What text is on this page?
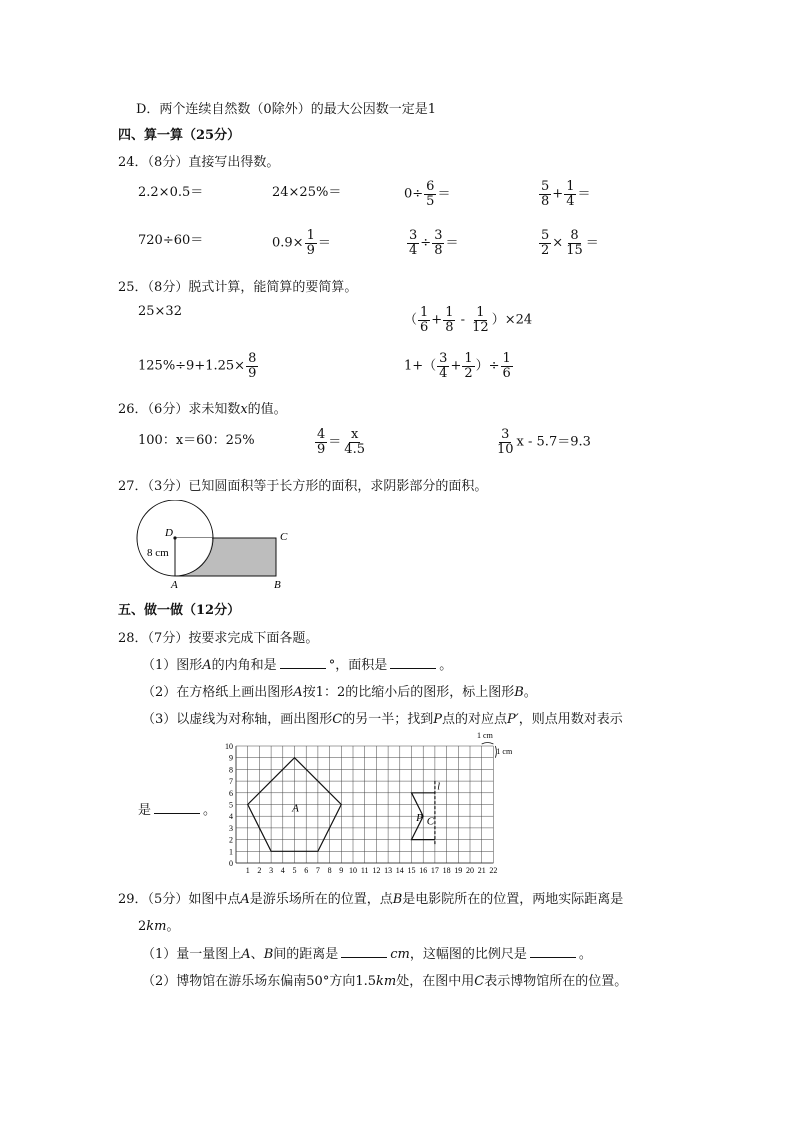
D．两个连续自然数（0除外）的最大公因数一定是1
四、算一算（25分）
24．（8分）直接写出得数。
2.2×0.5＝	24×25%＝	$0\div \frac{6}{5}$ ＝	$\frac{5}{8} + \frac{1}{4}$ ＝
720÷60＝	$0.9\times \frac{1}{9}$ ＝	$\frac{3}{4} \div \frac{3}{8}$ ＝	$\frac{5}{2} \times \frac{8}{15}$ ＝
25．（8分）脱式计算，能简算的要简算。
25×32
（ $\frac{1}{6} + \frac{1}{8} - \frac{1}{12} )\times 24$
$125\%\div 9+1.25\times \frac{8}{9}$	$1+( \frac{3}{4} + \frac{1}{2}$ ）÷ $\frac{1}{6}$
26．（6分）求未知数x的值。
100：x＝60：25%	$\frac{4}{9} = \frac{x}{4.5}$	$\frac{3}{10}$ x - 5.7＝9.3
27．（3分）已知圆面积等于长方形的面积，求阴影部分的面积。
D
8 cm
A	B
C
五、做一做（12分）
28．（7分）按要求完成下面各题。
（1）图形A的内角和是	°，面积是	。
（2）在方格纸上画出图形A按1：2的比缩小后的图形，标上图形B。
（3）以虚线为对称轴，画出图形C的另一半；找到P点的对应点P′，则点用数对表示
是	。
1 2 3 4 5 6 7 8 9 10 11 12 13 14 15 16 17 18 19 20 21 22
0
1
2
3
4
5
6
7
8
9
10
A
P C
l
1 cm
1 cm
29．（5分）如图中点A是游乐场所在的位置，点B是电影院所在的位置，两地实际距离是
2km。
（1）量一量图上A、B间的距离是	cm，这幅图的比例尺是	。
（2）博物馆在游乐场东偏南50°方向1.5km处，在图中用C表示博物馆所在的位置。
